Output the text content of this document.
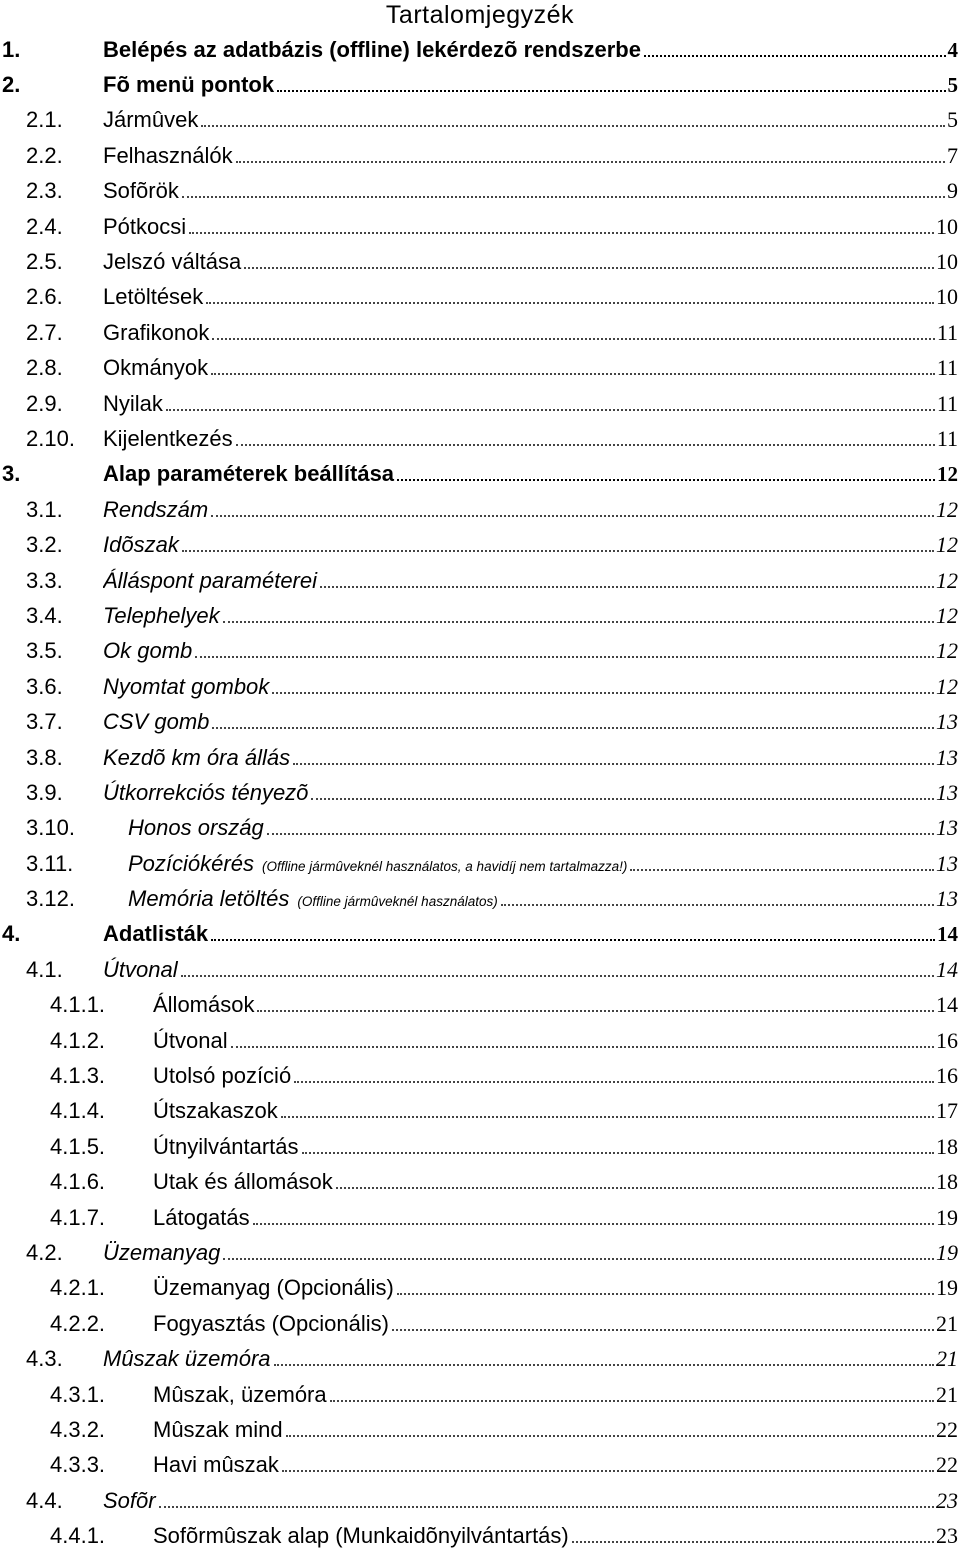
Tartalomjegyzék
1.	Belépés az adatbázis (offline) lekérdezõ rendszerbe	4
2.	Fõ menü pontok	5
2.1. Jármûvek	5
2.2. Felhasználók	7
2.3. Sofõrök	9
2.4. Pótkocsi	10
2.5. Jelszó váltása	10
2.6. Letöltések	10
2.7. Grafikonok	11
2.8. Okmányok	11
2.9. Nyilak	11
2.10. Kijelentkezés	11
3.	Alap paraméterek beállítása	12
3.1. Rendszám	12
3.2. Idõszak	12
3.3. Álláspont paraméterei	12
3.4. Telephelyek	12
3.5. Ok gomb	12
3.6. Nyomtat gombok	12
3.7. CSV gomb	13
3.8. Kezdõ km óra állás	13
3.9. Útkorrekciós tényezõ	13
3.10. Honos ország	13
3.11. Pozíciókérés (Offline jármûveknél használatos, a havidíj nem tartalmazza!)	13
3.12. Memória letöltés (Offline jármûveknél használatos)	13
4.	Adatlisták	14
4.1. Útvonal	14
4.1.1. Állomások	14
4.1.2. Útvonal	16
4.1.3. Utolsó pozíció	16
4.1.4. Útszakaszok	17
4.1.5. Útnyilvántartás	18
4.1.6. Utak és állomások	18
4.1.7. Látogatás	19
4.2. Üzemanyag	19
4.2.1. Üzemanyag (Opcionális)	19
4.2.2. Fogyasztás (Opcionális)	21
4.3. Mûszak üzemóra	21
4.3.1. Mûszak, üzemóra	21
4.3.2. Mûszak mind	22
4.3.3. Havi mûszak	22
4.4. Sofõr	23
4.4.1. Sofõrmûszak alap (Munkaidõnyilvántartás)	23
